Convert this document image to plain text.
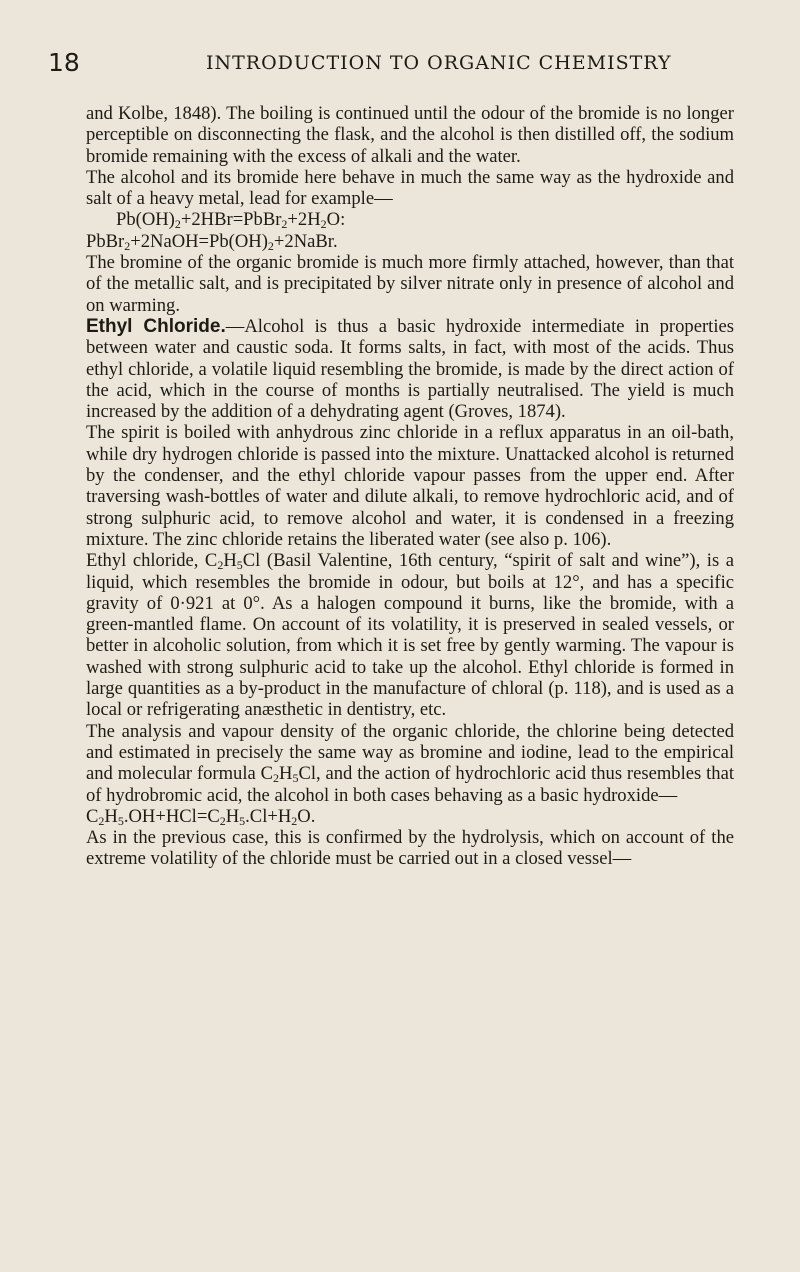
18	INTRODUCTION TO ORGANIC CHEMISTRY

and Kolbe, 1848). The boiling is continued until the odour of the bromide is no longer perceptible on disconnecting the flask, and the alcohol is then distilled off, the sodium bromide remaining with the excess of alkali and the water.

The alcohol and its bromide here behave in much the same way as the hydroxide and salt of a heavy metal, lead for example—

$Pb(OH)_2+2HBr=PbBr_2+2H_2O$:

$PbBr_2+2NaOH=Pb(OH)_2+2NaBr$.

The bromine of the organic bromide is much more firmly attached, however, than that of the metallic salt, and is precipitated by silver nitrate only in presence of alcohol and on warming.

Ethyl Chloride.—Alcohol is thus a basic hydroxide intermediate in properties between water and caustic soda. It forms salts, in fact, with most of the acids. Thus ethyl chloride, a volatile liquid resembling the bromide, is made by the direct action of the acid, which in the course of months is partially neutralised. The yield is much increased by the addition of a dehydrating agent (Groves, 1874).

The spirit is boiled with anhydrous zinc chloride in a reflux apparatus in an oil-bath, while dry hydrogen chloride is passed into the mixture. Unattacked alcohol is returned by the condenser, and the ethyl chloride vapour passes from the upper end. After traversing wash-bottles of water and dilute alkali, to remove hydrochloric acid, and of strong sulphuric acid, to remove alcohol and water, it is condensed in a freezing mixture. The zinc chloride retains the liberated water (see also p. 106).

Ethyl chloride, $C_2H_5Cl$ (Basil Valentine, 16th century, “spirit of salt and wine”), is a liquid, which resembles the bromide in odour, but boils at 12°, and has a specific gravity of 0·921 at 0°. As a halogen compound it burns, like the bromide, with a green-mantled flame. On account of its volatility, it is preserved in sealed vessels, or better in alcoholic solution, from which it is set free by gently warming. The vapour is washed with strong sulphuric acid to take up the alcohol. Ethyl chloride is formed in large quantities as a by-product in the manufacture of chloral (p. 118), and is used as a local or refrigerating anæsthetic in dentistry, etc.

The analysis and vapour density of the organic chloride, the chlorine being detected and estimated in precisely the same way as bromine and iodine, lead to the empirical and molecular formula $C_2H_5Cl$, and the action of hydrochloric acid thus resembles that of hydrobromic acid, the alcohol in both cases behaving as a basic hydroxide—

$C_2H_5.OH+HCl=C_2H_5.Cl+H_2O$.

As in the previous case, this is confirmed by the hydrolysis, which on account of the extreme volatility of the chloride must be carried out in a closed vessel—
